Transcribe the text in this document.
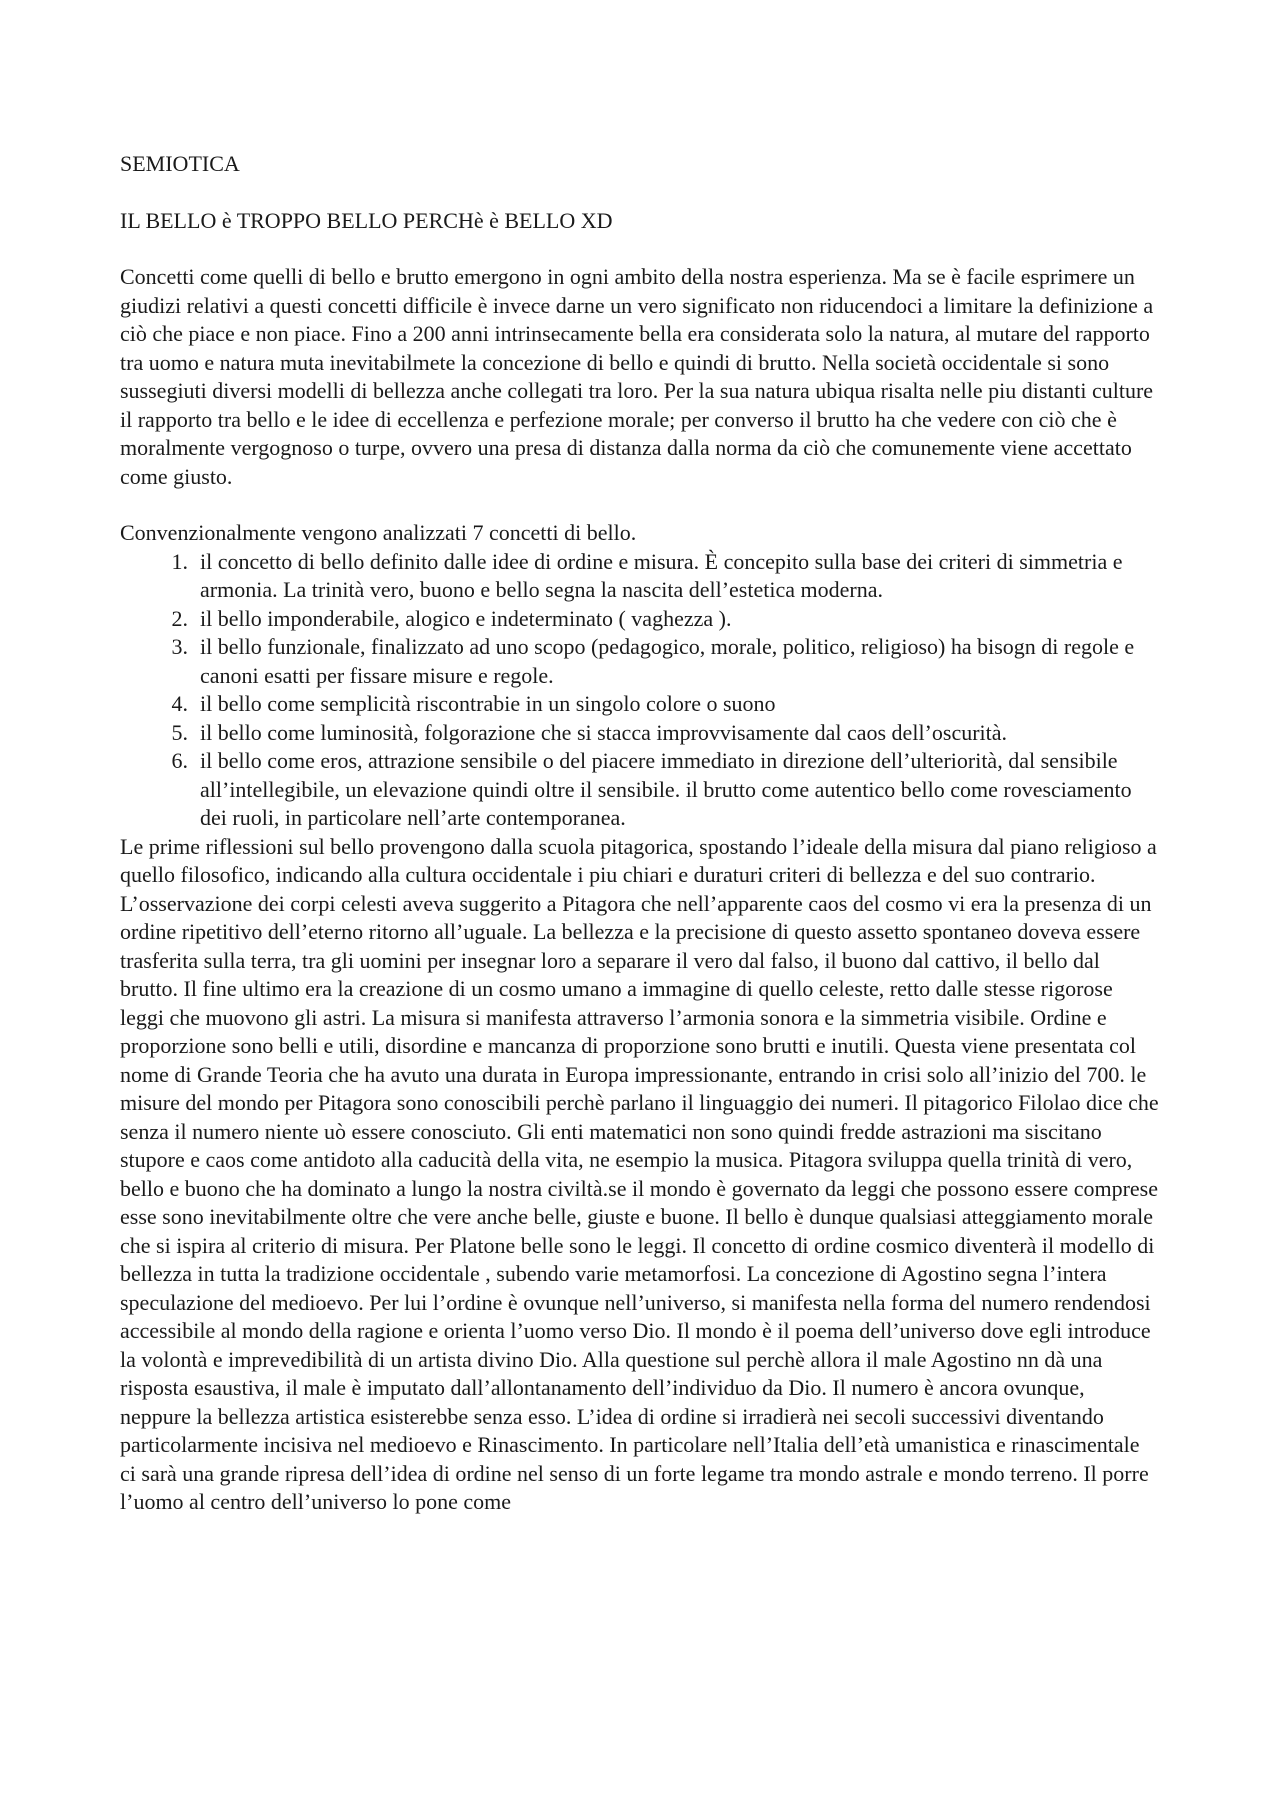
SEMIOTICA
IL BELLO è TROPPO BELLO PERCHè è BELLO XD

Concetti come quelli di bello e brutto emergono in ogni ambito della nostra esperienza. Ma se è facile esprimere un giudizi relativi a questi concetti difficile è invece darne un vero significato non riducendoci a limitare la definizione a ciò che piace e non piace. Fino a 200 anni intrinsecamente bella era considerata solo la natura, al mutare del rapporto tra uomo e natura muta inevitabilmete la concezione di bello e quindi di brutto. Nella società occidentale si sono sussegiuti diversi modelli di bellezza anche collegati tra loro. Per la sua natura ubiqua risalta nelle piu distanti culture il rapporto tra bello e le idee di eccellenza e perfezione morale; per converso il brutto ha che vedere con ciò che è moralmente vergognoso o turpe, ovvero una presa di distanza dalla norma da ciò che comunemente viene accettato come giusto.

Convenzionalmente vengono analizzati 7 concetti di bello.

1. il concetto di bello definito dalle idee di ordine e misura. È concepito sulla base dei criteri di simmetria e armonia. La trinità vero, buono e bello segna la nascita dell’estetica moderna.
2. il bello imponderabile, alogico e indeterminato ( vaghezza ).
3. il bello funzionale, finalizzato ad uno scopo (pedagogico, morale, politico, religioso) ha bisogn di regole e canoni esatti per fissare misure e regole.
4. il bello come semplicità riscontrabie in un singolo colore o suono
5. il bello come luminosità, folgorazione che si stacca improvvisamente dal caos dell’oscurità.
6. il bello come eros, attrazione sensibile o del piacere immediato in direzione dell’ulteriorità, dal sensibile all’intellegibile, un elevazione quindi oltre il sensibile. il brutto come autentico bello come rovesciamento dei ruoli, in particolare nell’arte contemporanea.

Le prime riflessioni sul bello provengono dalla scuola pitagorica, spostando l’ideale della misura dal piano religioso a quello filosofico, indicando alla cultura occidentale i piu chiari e duraturi criteri di bellezza e del suo contrario. L’osservazione dei corpi celesti aveva suggerito a Pitagora che nell’apparente caos del cosmo vi era la presenza di un ordine ripetitivo dell’eterno ritorno all’uguale. La bellezza e la precisione di questo assetto spontaneo doveva essere trasferita sulla terra, tra gli uomini per insegnar loro a separare il vero dal falso, il buono dal cattivo, il bello dal brutto. Il fine ultimo era la creazione di un cosmo umano a immagine di quello celeste, retto dalle stesse rigorose leggi che muovono gli astri. La misura si manifesta attraverso l’armonia sonora e la simmetria visibile. Ordine e proporzione sono belli e utili, disordine e mancanza di proporzione sono brutti e inutili. Questa viene presentata col nome di Grande Teoria che ha avuto una durata in Europa impressionante, entrando in crisi solo all’inizio del 700. le misure del mondo per Pitagora sono conoscibili perchè parlano il linguaggio dei numeri. Il pitagorico Filolao dice che senza il numero niente uò essere conosciuto. Gli enti matematici non sono quindi fredde astrazioni ma siscitano stupore e caos come antidoto alla caducità della vita, ne esempio la musica. Pitagora sviluppa quella trinità di vero, bello e buono che ha dominato a lungo la nostra civiltà.se il mondo è governato da leggi che possono essere comprese esse sono inevitabilmente oltre che vere anche belle, giuste e buone. Il bello è dunque qualsiasi atteggiamento morale che si ispira al criterio di misura. Per Platone belle sono le leggi. Il concetto di ordine cosmico diventerà il modello di bellezza in tutta la tradizione occidentale , subendo varie metamorfosi. La concezione di Agostino segna l’intera speculazione del medioevo. Per lui l’ordine è ovunque nell’universo, si manifesta nella forma del numero rendendosi accessibile al mondo della ragione e orienta l’uomo verso Dio. Il mondo è il poema dell’universo dove egli introduce la volontà e imprevedibilità di un artista divino Dio. Alla questione sul perchè allora il male Agostino nn dà una risposta esaustiva, il male è imputato dall’allontanamento dell’individuo da Dio. Il numero è ancora ovunque, neppure la bellezza artistica esisterebbe senza esso. L’idea di ordine si irradierà nei secoli successivi diventando particolarmente incisiva nel medioevo e Rinascimento. In particolare nell’Italia dell’età umanistica e rinascimentale ci sarà una grande ripresa dell’idea di ordine nel senso di un forte legame tra mondo astrale e mondo terreno. Il porre l’uomo al centro dell’universo lo pone come
